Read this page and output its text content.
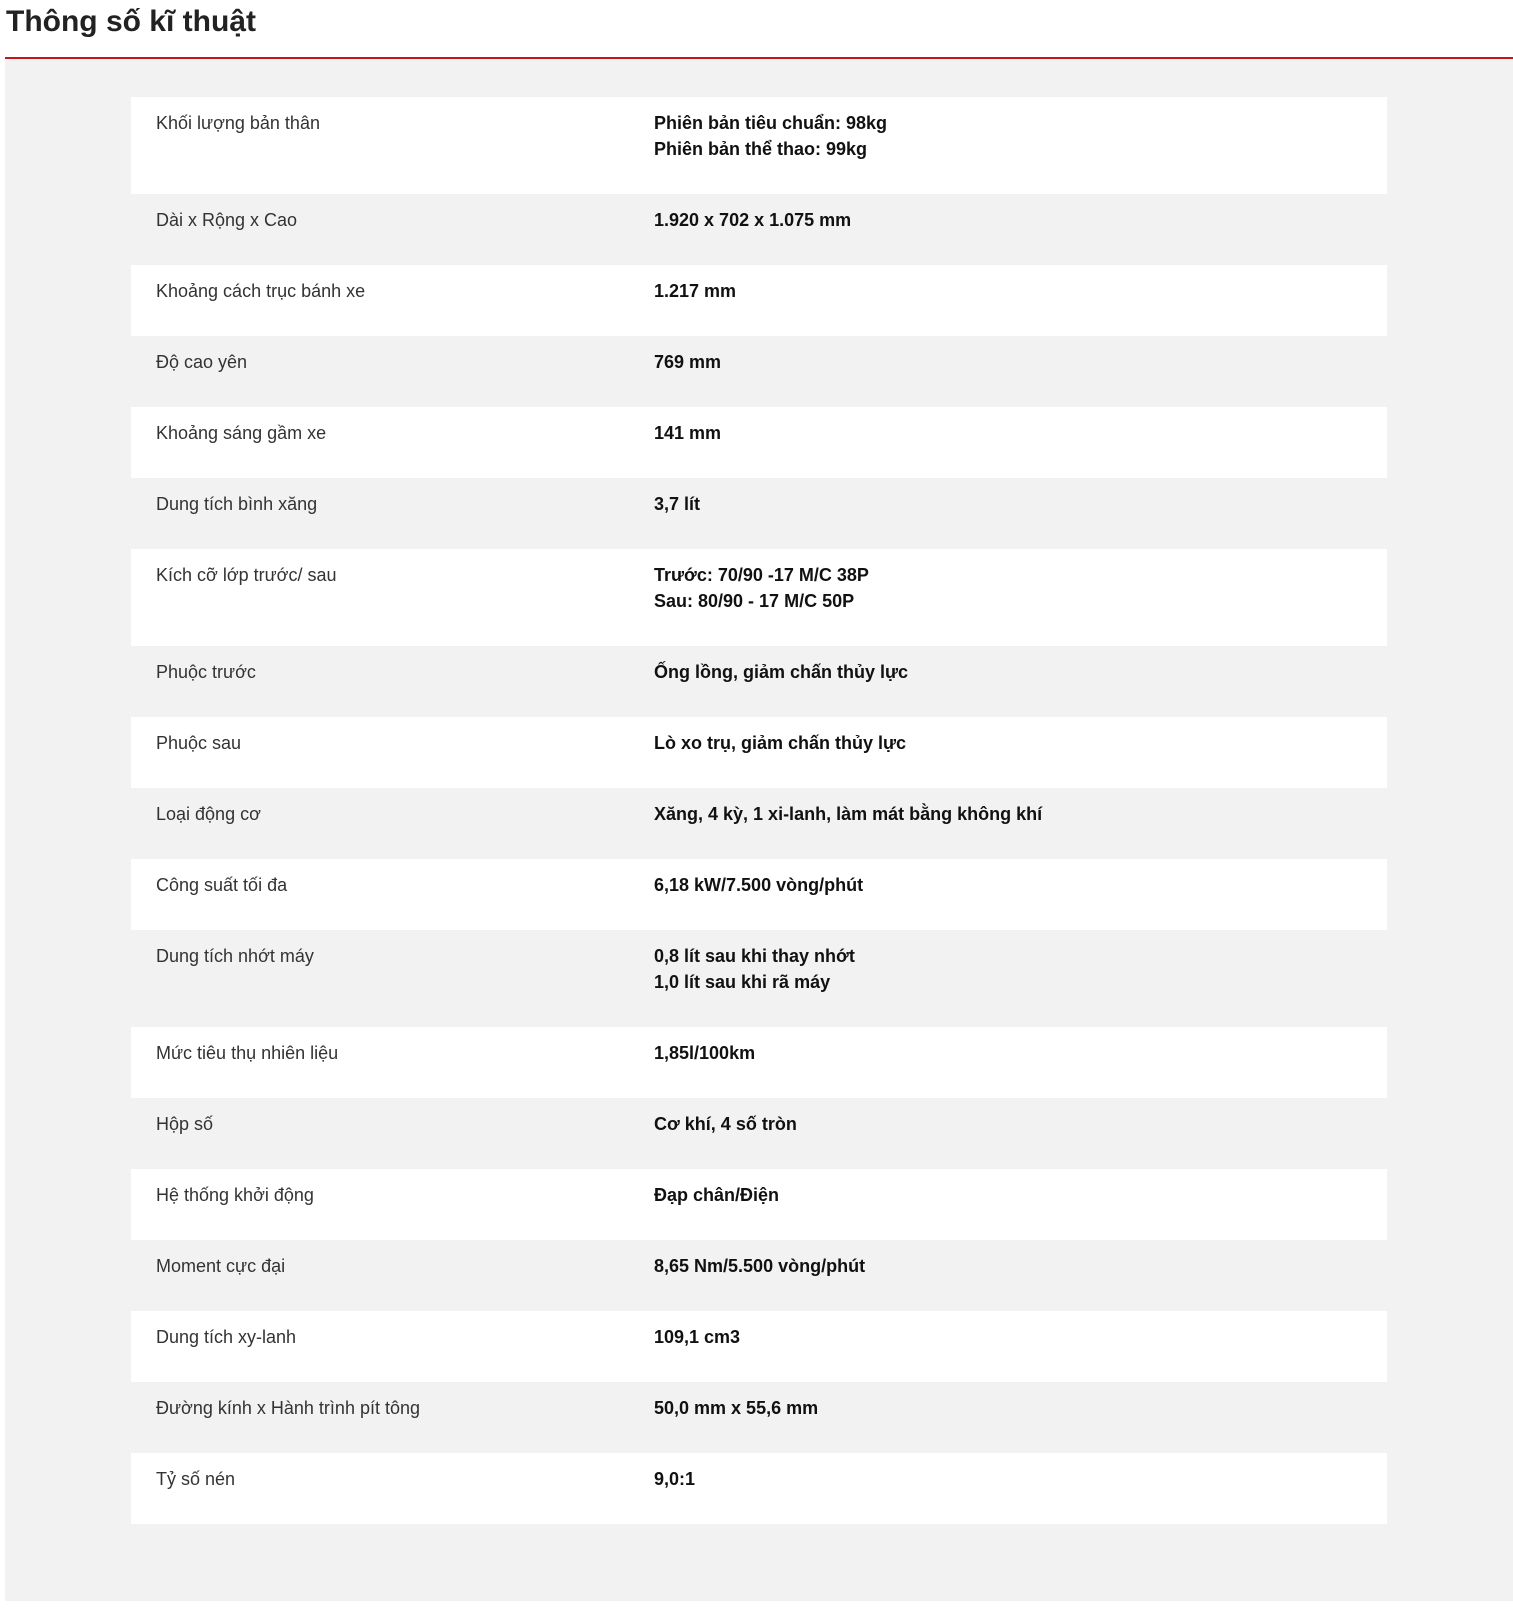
Thông số kĩ thuật
Khối lượng bản thân	Phiên bản tiêu chuẩn: 98kg
Phiên bản thể thao: 99kg
Dài x Rộng x Cao	1.920 x 702 x 1.075 mm
Khoảng cách trục bánh xe	1.217 mm
Độ cao yên	769 mm
Khoảng sáng gầm xe	141 mm
Dung tích bình xăng	3,7 lít
Kích cỡ lớp trước/ sau	Trước: 70/90 -17 M/C 38P
Sau: 80/90 - 17 M/C 50P
Phuộc trước	Ống lồng, giảm chấn thủy lực
Phuộc sau	Lò xo trụ, giảm chấn thủy lực
Loại động cơ	Xăng, 4 kỳ, 1 xi-lanh, làm mát bằng không khí
Công suất tối đa	6,18 kW/7.500 vòng/phút
Dung tích nhớt máy	0,8 lít sau khi thay nhớt
1,0 lít sau khi rã máy
Mức tiêu thụ nhiên liệu	1,85l/100km
Hộp số	Cơ khí, 4 số tròn
Hệ thống khởi động	Đạp chân/Điện
Moment cực đại	8,65 Nm/5.500 vòng/phút
Dung tích xy-lanh	109,1 cm3
Đường kính x Hành trình pít tông	50,0 mm x 55,6 mm
Tỷ số nén	9,0:1
